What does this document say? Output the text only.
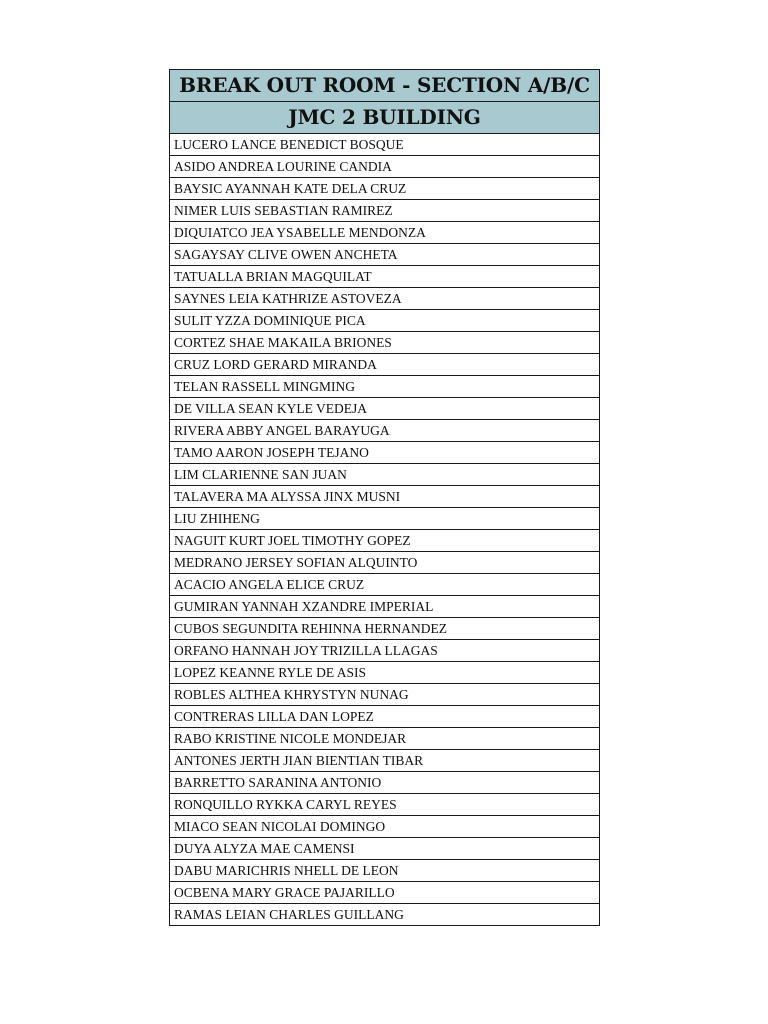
BREAK OUT ROOM - SECTION A/B/C
JMC 2 BUILDING
LUCERO LANCE BENEDICT BOSQUE
ASIDO ANDREA LOURINE CANDIA
BAYSIC AYANNAH KATE DELA CRUZ
NIMER LUIS SEBASTIAN RAMIREZ
DIQUIATCO JEA YSABELLE MENDONZA
SAGAYSAY CLIVE OWEN ANCHETA
TATUALLA BRIAN MAGQUILAT
SAYNES LEIA KATHRIZE ASTOVEZA
SULIT YZZA DOMINIQUE PICA
CORTEZ SHAE MAKAILA BRIONES
CRUZ LORD GERARD MIRANDA
TELAN RASSELL MINGMING
DE VILLA SEAN KYLE VEDEJA
RIVERA ABBY ANGEL BARAYUGA
TAMO AARON JOSEPH TEJANO
LIM CLARIENNE SAN JUAN
TALAVERA MA ALYSSA JINX MUSNI
LIU ZHIHENG
NAGUIT KURT JOEL TIMOTHY GOPEZ
MEDRANO JERSEY SOFIAN ALQUINTO
ACACIO ANGELA ELICE CRUZ
GUMIRAN YANNAH XZANDRE IMPERIAL
CUBOS SEGUNDITA REHINNA HERNANDEZ
ORFANO HANNAH JOY TRIZILLA LLAGAS
LOPEZ KEANNE RYLE DE ASIS
ROBLES ALTHEA KHRYSTYN NUNAG
CONTRERAS LILLA DAN LOPEZ
RABO KRISTINE NICOLE MONDEJAR
ANTONES JERTH JIAN BIENTIAN TIBAR
BARRETTO SARANINA ANTONIO
RONQUILLO RYKKA CARYL REYES
MIACO SEAN NICOLAI DOMINGO
DUYA ALYZA MAE CAMENSI
DABU MARICHRIS NHELL DE LEON
OCBENA MARY GRACE PAJARILLO
RAMAS LEIAN CHARLES GUILLANG
